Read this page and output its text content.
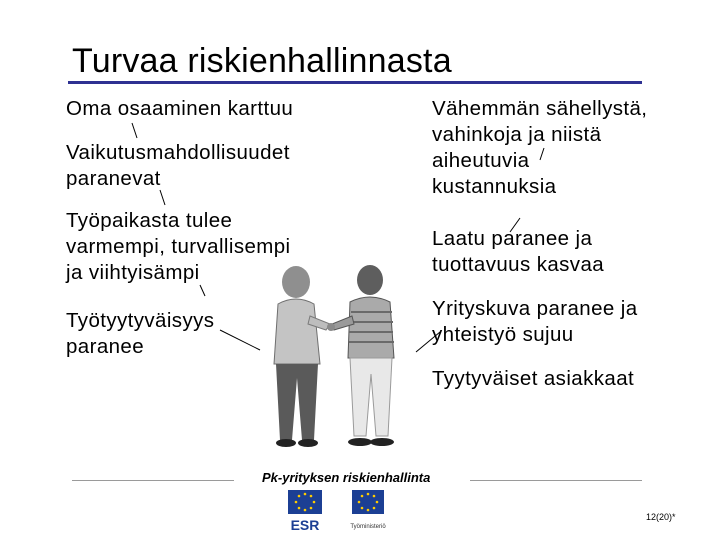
Turvaa riskienhallinnasta
Oma osaaminen karttuu
Vaikutusmahdollisuudet
paranevat
Työpaikasta tulee
varmempi, turvallisempi
ja viihtyisämpi
Työtyytyväisyys
paranee
Vähemmän sähellystä,
vahinkoja ja niistä
aiheutuvia
kustannuksia
Laatu paranee ja
tuottavuus kasvaa
Yrityskuva paranee ja
yhteistyö sujuu
Tyytyväiset asiakkaat
Pk-yrityksen riskienhallinta
ESR	Työministeriö
12(20)*
